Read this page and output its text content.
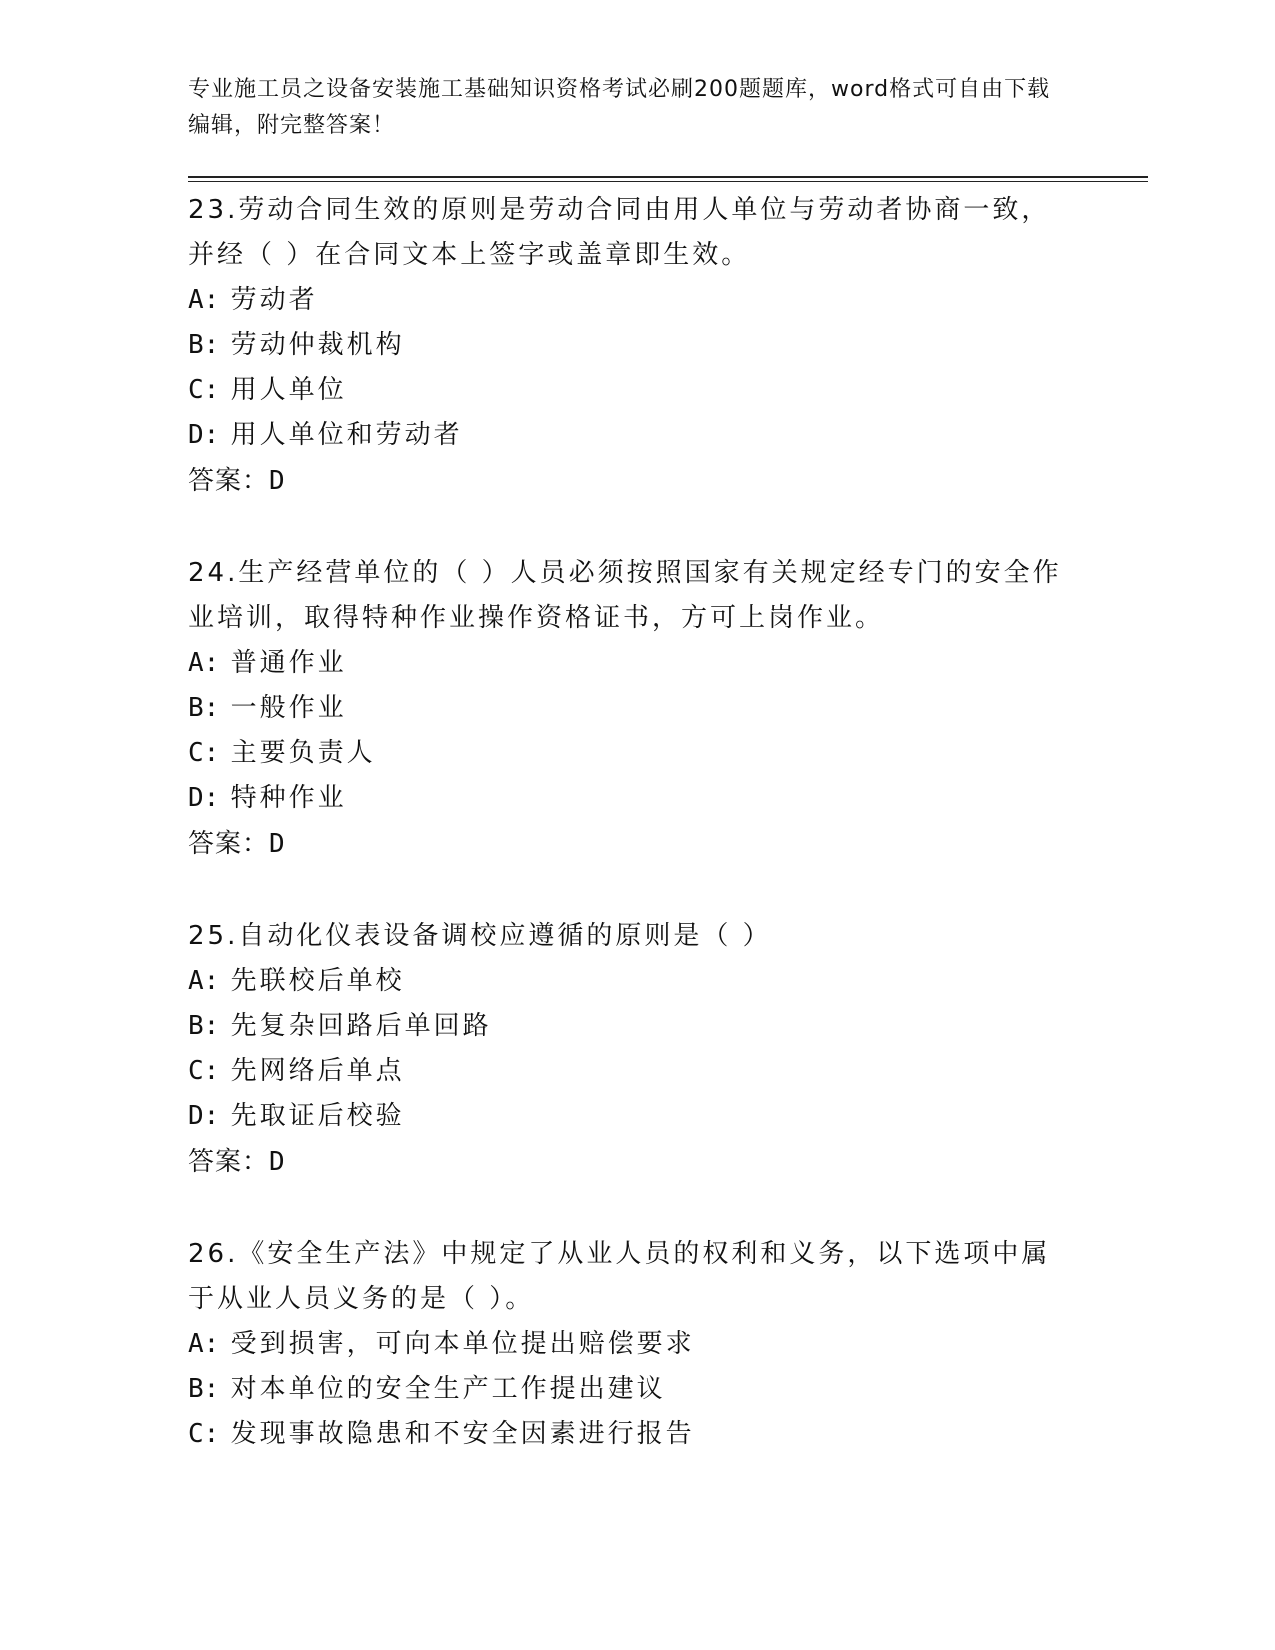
专业施工员之设备安装施工基础知识资格考试必刷200题题库，word格式可自由下载编辑，附完整答案！
23.劳动合同生效的原则是劳动合同由用人单位与劳动者协商一致，并经（ ）在合同文本上签字或盖章即生效。
A: 劳动者
B: 劳动仲裁机构
C: 用人单位
D: 用人单位和劳动者
答案：D
24.生产经营单位的（ ）人员必须按照国家有关规定经专门的安全作业培训，取得特种作业操作资格证书，方可上岗作业。
A: 普通作业
B: 一般作业
C: 主要负责人
D: 特种作业
答案：D
25.自动化仪表设备调校应遵循的原则是（ ）
A: 先联校后单校
B: 先复杂回路后单回路
C: 先网络后单点
D: 先取证后校验
答案：D
26.《安全生产法》中规定了从业人员的权利和义务，以下选项中属于从业人员义务的是（ ）。
A: 受到损害，可向本单位提出赔偿要求
B: 对本单位的安全生产工作提出建议
C: 发现事故隐患和不安全因素进行报告
